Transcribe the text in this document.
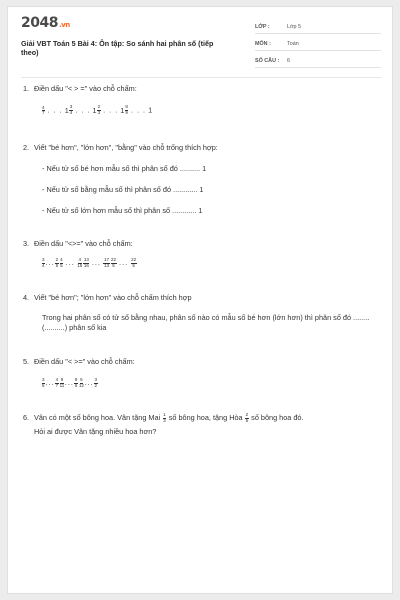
2048.vn
Giải VBT Toán 5 Bài 4: Ôn tập: So sánh hai phân số (tiếp theo)
LỚP :	Lớp 5
MÔN :	Toán
SỐ CÂU : 6
1. Điền dấu "< > =" vào chỗ chấm:
$\frac{4}{7}$ . . . $1 \frac{3}{4}$ . . . $1 \frac{2}{3}$ . . . $1 \frac{8}{9}$ . . . 1
2. Viết "bé hơn", "lớn hơn", "bằng" vào chỗ trống thích hợp:
- Nếu tử số bé hơn mẫu số thì phân số đó .......... 1
- Nếu tử số bằng mẫu số thì phân số đó ............ 1
- Nếu tử số lớn hơn mẫu số thì phân số ............ 1
3. Điền dấu "<>=" vào chỗ chấm:
$\frac{3}{4}$ ... $\frac{2}{5} \frac{4}{5}$ ... $\frac{4}{15} \frac{13}{16}$ ... $\frac{17}{13} \frac{22}{5}$ ... $\frac{22}{5}$
4. Viết "bé hơn"; "lớn hơn" vào chỗ chấm thích hợp
Trong hai phân số có tử số bằng nhau, phân số nào có mẫu số bé hơn (lớn hơn) thì phân số đó ........ (..........) phân số kia
5. Điền dấu "< >=" vào chỗ chấm:
$\frac{3}{5}$ ... $\frac{4}{7} \frac{9}{11}$ ... $\frac{9}{6} \frac{5}{12}$ ... $\frac{3}{2}$
6. Vân có một số bông hoa. Vân tặng Mai $\frac{1}{3}$ số bông hoa, tặng Hòa $\frac{2}{5}$ số bông hoa đó.
Hỏi ai được Vân tặng nhiều hoa hơn?
